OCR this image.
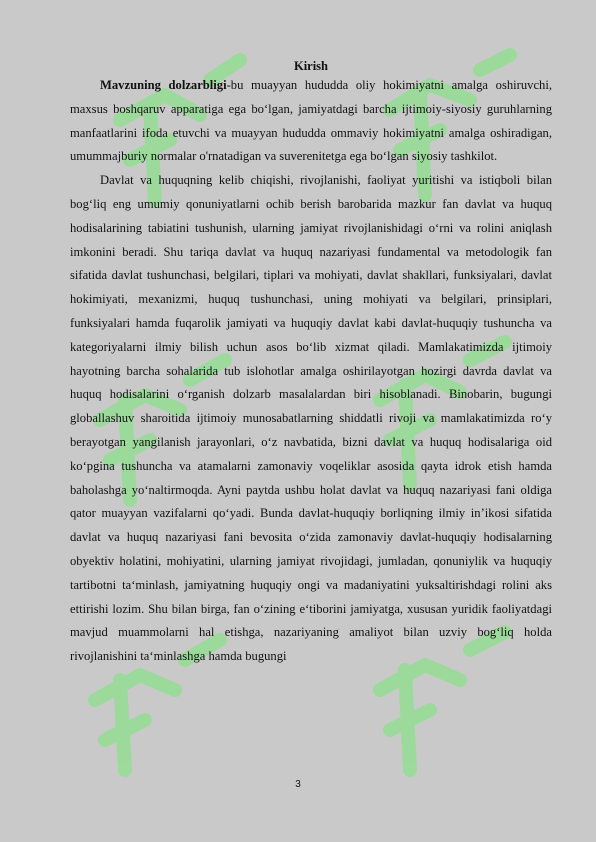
Kirish

Mavzuning dolzarbligi-bu muayyan hududda oliy hokimiyatni amalga oshiruvchi, maxsus boshqaruv apparatiga ega bo‘lgan, jamiyatdagi barcha ijtimoiy-siyosiy guruhlarning manfaatlarini ifoda etuvchi va muayyan hududda ommaviy hokimiyatni amalga oshiradigan, umummajburiy normalar o'rnatadigan va suverenitetga ega bo‘lgan siyosiy tashkilot.

Davlat va huquqning kelib chiqishi, rivojlanishi, faoliyat yuritishi va istiqboli bilan bog‘liq eng umumiy qonuniyatlarni ochib berish barobarida mazkur fan davlat va huquq hodisalarining tabiatini tushunish, ularning jamiyat rivojlanishidagi o‘rni va rolini aniqlash imkonini beradi. Shu tariqa davlat va huquq nazariyasi fundamental va metodologik fan sifatida davlat tushunchasi, belgilari, tiplari va mohiyati, davlat shakllari, funksiyalari, davlat hokimiyati, mexanizmi, huquq tushunchasi, uning mohiyati va belgilari, prinsiplari, funksiyalari hamda fuqarolik jamiyati va huquqiy davlat kabi davlat-huquqiy tushuncha va kategoriyalarni ilmiy bilish uchun asos bo‘lib xizmat qiladi. Mamlakatimizda ijtimoiy hayotning barcha sohalarida tub islohotlar amalga oshirilayotgan hozirgi davrda davlat va huquq hodisalarini o‘rganish dolzarb masalalardan biri hisoblanadi. Binobarin, bugungi globallashuv sharoitida ijtimoiy munosabatlarning shiddatli rivoji va mamlakatimizda ro‘y berayotgan yangilanish jarayonlari, o‘z navbatida, bizni davlat va huquq hodisalariga oid ko‘pgina tushuncha va atamalarni zamonaviy voqeliklar asosida qayta idrok etish hamda baholashga yo‘naltirmoqda. Ayni paytda ushbu holat davlat va huquq nazariyasi fani oldiga qator muayyan vazifalarni qo‘yadi. Bunda davlat-huquqiy borliqning ilmiy in’ikosi sifatida davlat va huquq nazariyasi fani bevosita o‘zida zamonaviy davlat-huquqiy hodisalarning obyektiv holatini, mohiyatini, ularning jamiyat rivojidagi, jumladan, qonuniylik va huquqiy tartibotni ta‘minlash, jamiyatning huquqiy ongi va madaniyatini yuksaltirishdagi rolini aks ettirishi lozim. Shu bilan birga, fan o‘zining e‘tiborini jamiyatga, xususan yuridik faoliyatdagi mavjud muammolarni hal etishga, nazariyaning amaliyot bilan uzviy bog‘liq holda rivojlanishini ta‘minlashga hamda bugungi

3
